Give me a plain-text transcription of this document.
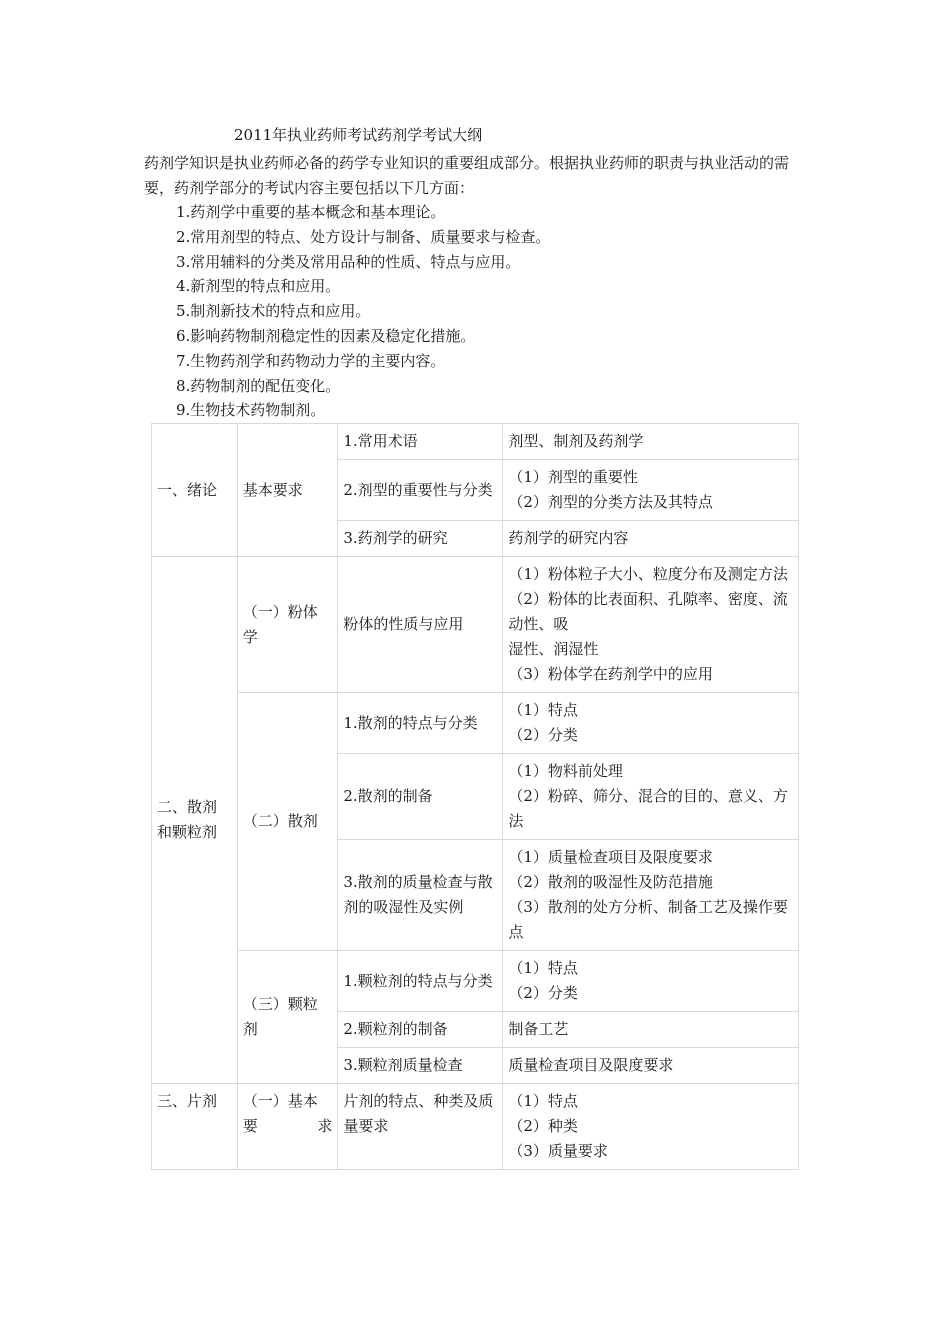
2011年执业药师考试药剂学考试大纲
药剂学知识是执业药师必备的药学专业知识的重要组成部分。根据执业药师的职责与执业活动的需要，药剂学部分的考试内容主要包括以下几方面：
1.药剂学中重要的基本概念和基本理论。
2.常用剂型的特点、处方设计与制备、质量要求与检查。
3.常用辅料的分类及常用品种的性质、特点与应用。
4.新剂型的特点和应用。
5.制剂新技术的特点和应用。
6.影响药物制剂稳定性的因素及稳定化措施。
7.生物药剂学和药物动力学的主要内容。
8.药物制剂的配伍变化。
9.生物技术药物制剂。
一、绪论	基本要求	1.常用术语	剂型、制剂及药剂学

		2.剂型的重要性与分类	（1）剂型的重要性
（2）剂型的分类方法及其特点

		3.药剂学的研究	药剂学的研究内容

二、散剂和颗粒剂	（一）粉体学	粉体的性质与应用	（1）粉体粒子大小、粒度分布及测定方法
（2）粉体的比表面积、孔隙率、密度、流动性、吸
湿性、润湿性
（3）粉体学在药剂学中的应用

	（二）散剂	1.散剂的特点与分类	（1）特点
（2）分类

		2.散剂的制备	（1）物料前处理
（2）粉碎、筛分、混合的目的、意义、方法

		3.散剂的质量检查与散剂的吸湿性及实例	（1）质量检查项目及限度要求
（2）散剂的吸湿性及防范措施
（3）散剂的处方分析、制备工艺及操作要点

	（三）颗粒剂	1.颗粒剂的特点与分类	（1）特点
（2）分类

		2.颗粒剂的制备	制备工艺

		3.颗粒剂质量检查	质量检查项目及限度要求

三、片剂	（一）基本要求	片剂的特点、种类及质
量要求	（1）特点
（2）种类
（3）质量要求
